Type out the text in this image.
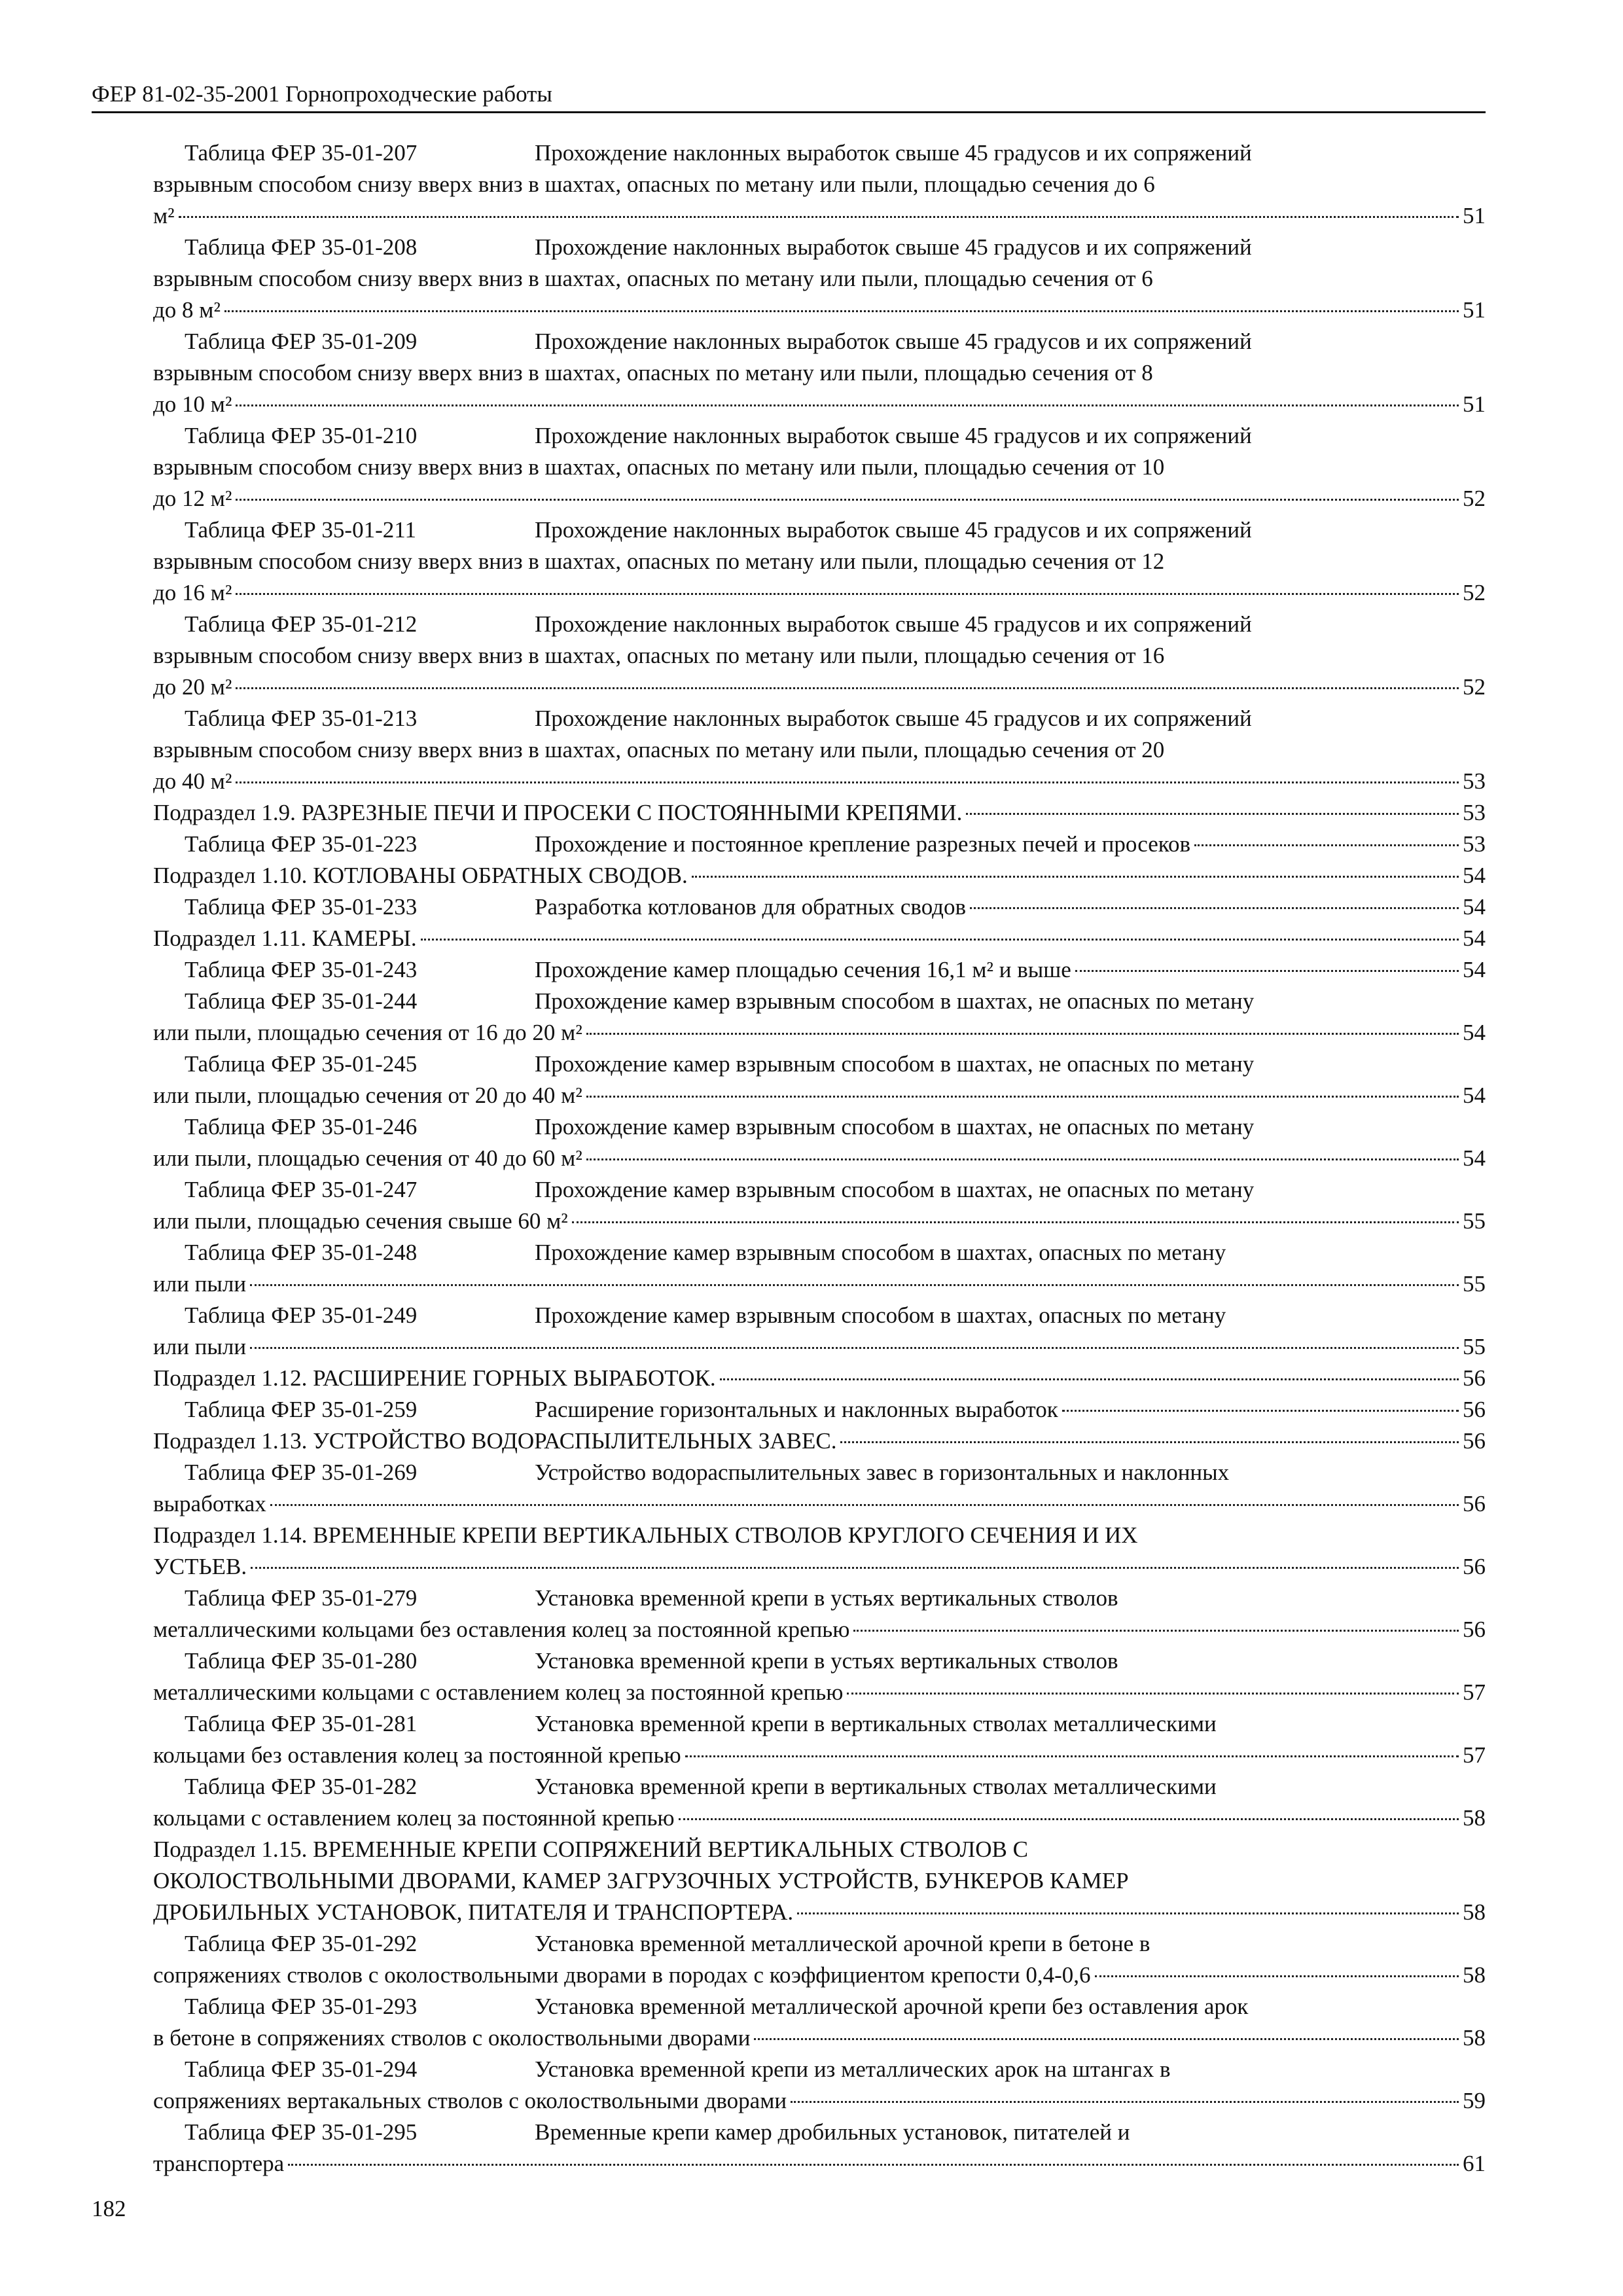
ФЕР 81-02-35-2001 Горнопроходческие работы
Таблица ФЕР 35-01-207	Прохождение наклонных выработок свыше 45 градусов и их сопряжений
взрывным способом снизу вверх вниз в шахтах, опасных по метану или пыли, площадью сечения до 6
м²	51
Таблица ФЕР 35-01-208	Прохождение наклонных выработок свыше 45 градусов и их сопряжений
взрывным способом снизу вверх вниз в шахтах, опасных по метану или пыли, площадью сечения от 6
до 8 м²	51
Таблица ФЕР 35-01-209	Прохождение наклонных выработок свыше 45 градусов и их сопряжений
взрывным способом снизу вверх вниз в шахтах, опасных по метану или пыли, площадью сечения от 8
до 10 м²	51
Таблица ФЕР 35-01-210	Прохождение наклонных выработок свыше 45 градусов и их сопряжений
взрывным способом снизу вверх вниз в шахтах, опасных по метану или пыли, площадью сечения от 10
до 12 м²	52
Таблица ФЕР 35-01-211	Прохождение наклонных выработок свыше 45 градусов и их сопряжений
взрывным способом снизу вверх вниз в шахтах, опасных по метану или пыли, площадью сечения от 12
до 16 м²	52
Таблица ФЕР 35-01-212	Прохождение наклонных выработок свыше 45 градусов и их сопряжений
взрывным способом снизу вверх вниз в шахтах, опасных по метану или пыли, площадью сечения от 16
до 20 м²	52
Таблица ФЕР 35-01-213	Прохождение наклонных выработок свыше 45 градусов и их сопряжений
взрывным способом снизу вверх вниз в шахтах, опасных по метану или пыли, площадью сечения от 20
до 40 м²	53
Подраздел 1.9. РАЗРЕЗНЫЕ ПЕЧИ И ПРОСЕКИ С ПОСТОЯННЫМИ КРЕПЯМИ.	53
Таблица ФЕР 35-01-223	Прохождение и постоянное крепление разрезных печей и просеков	53
Подраздел 1.10. КОТЛОВАНЫ ОБРАТНЫХ СВОДОВ.	54
Таблица ФЕР 35-01-233	Разработка котлованов для обратных сводов	54
Подраздел 1.11. КАМЕРЫ.	54
Таблица ФЕР 35-01-243	Прохождение камер площадью сечения 16,1 м² и выше	54
Таблица ФЕР 35-01-244	Прохождение камер взрывным способом в шахтах, не опасных по метану
или пыли, площадью сечения от 16 до 20 м²	54
Таблица ФЕР 35-01-245	Прохождение камер взрывным способом в шахтах, не опасных по метану
или пыли, площадью сечения от 20 до 40 м²	54
Таблица ФЕР 35-01-246	Прохождение камер взрывным способом в шахтах, не опасных по метану
или пыли, площадью сечения от 40 до 60 м²	54
Таблица ФЕР 35-01-247	Прохождение камер взрывным способом в шахтах, не опасных по метану
или пыли, площадью сечения свыше 60 м²	55
Таблица ФЕР 35-01-248	Прохождение камер взрывным способом в шахтах, опасных по метану
или пыли	55
Таблица ФЕР 35-01-249	Прохождение камер взрывным способом в шахтах, опасных по метану
или пыли	55
Подраздел 1.12. РАСШИРЕНИЕ ГОРНЫХ ВЫРАБОТОК.	56
Таблица ФЕР 35-01-259	Расширение горизонтальных и наклонных выработок	56
Подраздел 1.13. УСТРОЙСТВО ВОДОРАСПЫЛИТЕЛЬНЫХ ЗАВЕС.	56
Таблица ФЕР 35-01-269	Устройство водораспылительных завес в горизонтальных и наклонных
выработках	56
Подраздел 1.14. ВРЕМЕННЫЕ КРЕПИ ВЕРТИКАЛЬНЫХ СТВОЛОВ КРУГЛОГО СЕЧЕНИЯ И ИХ
УСТЬЕВ.	56
Таблица ФЕР 35-01-279	Установка временной крепи в устьях вертикальных стволов
металлическими кольцами без оставления колец за постоянной крепью	56
Таблица ФЕР 35-01-280	Установка временной крепи в устьях вертикальных стволов
металлическими кольцами с оставлением колец за постоянной крепью	57
Таблица ФЕР 35-01-281	Установка временной крепи в вертикальных стволах металлическими
кольцами без оставления колец за постоянной крепью	57
Таблица ФЕР 35-01-282	Установка временной крепи в вертикальных стволах металлическими
кольцами с оставлением колец за постоянной крепью	58
Подраздел 1.15. ВРЕМЕННЫЕ КРЕПИ СОПРЯЖЕНИЙ ВЕРТИКАЛЬНЫХ СТВОЛОВ С
ОКОЛОСТВОЛЬНЫМИ ДВОРАМИ, КАМЕР ЗАГРУЗОЧНЫХ УСТРОЙСТВ, БУНКЕРОВ КАМЕР
ДРОБИЛЬНЫХ УСТАНОВОК, ПИТАТЕЛЯ И ТРАНСПОРТЕРА.	58
Таблица ФЕР 35-01-292	Установка временной металлической арочной крепи в бетоне в
сопряжениях стволов с околоствольными дворами в породах с коэффициентом крепости 0,4-0,6	58
Таблица ФЕР 35-01-293	Установка временной металлической арочной крепи без оставления арок
в бетоне в сопряжениях стволов с околоствольными дворами	58
Таблица ФЕР 35-01-294	Установка временной крепи из металлических арок на штангах в
сопряжениях вертакальных стволов с околоствольными дворами	59
Таблица ФЕР 35-01-295	Временные крепи камер дробильных установок, питателей и
транспортера	61
182
